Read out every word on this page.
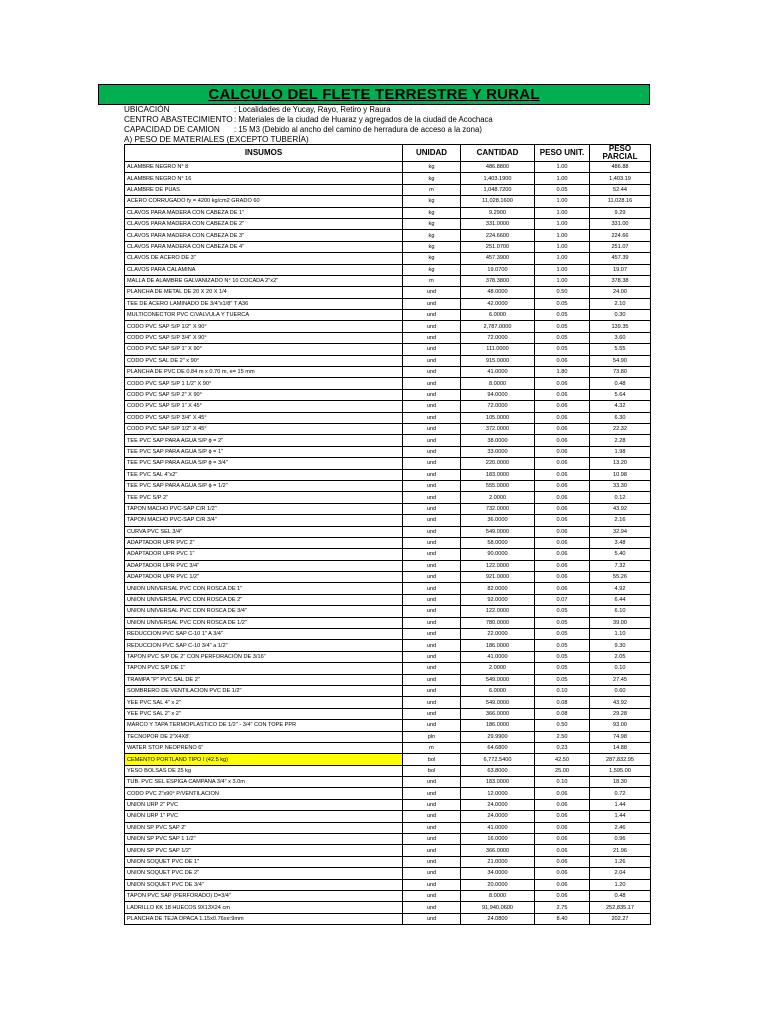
CALCULO DEL FLETE TERRESTRE Y RURAL
UBICACIÓN	: Localidades de Yucay, Rayo, Retiro y Raura
CENTRO ABASTECIMIENTO : Materiales de la ciudad de Huaraz y agregados de la ciudad de Acochaca
CAPACIDAD DE CAMION : 15 M3 (Debido al ancho del camino de herradura de acceso a la zona)
A) PESO DE MATERIALES (EXCEPTO TUBERÍA)
INSUMOS	UNIDAD	CANTIDAD	PESO UNIT.	PESO PARCIAL
ALAMBRE NEGRO N° 8	kg	486.8800	1.00	486.88
ALAMBRE NEGRO N° 16	kg	1,403.1900	1.00	1,403.19
ALAMBRE DE PUAS	m	1,048.7200	0.05	52.44
ACERO CORRUGADO fy = 4200 kg/cm2 GRADO 60	kg	11,028.1600	1.00	11,028.16
CLAVOS PARA MADERA CON CABEZA DE 1"	kg	9.2900	1.00	9.29
CLAVOS PARA MADERA CON CABEZA DE 2"	kg	331.0000	1.00	331.00
CLAVOS PARA MADERA CON CABEZA DE 3"	kg	224.6600	1.00	224.66
CLAVOS PARA MADERA CON CABEZA DE 4"	kg	251.0700	1.00	251.07
CLAVOS DE ACERO DE 3"	kg	457.3900	1.00	457.39
CLAVOS PARA CALAMINA	kg	19.0700	1.00	19.07
MALLA DE ALAMBRE GALVANIZADO N° 10 COCADA 2"x2"	m	378.3800	1.00	378.38
PLANCHA DE METAL DE 20 X 20 X 1/4	und	48.0000	0.50	24.00
TEE DE ACERO LAMINADO DE 3/4"x1/8" T A36	und	42.0000	0.05	2.10
MULTICONECTOR PVC C/VALVULA Y TUERCA	und	6.0000	0.05	0.30
CODO PVC SAP S/P 1/2" X 90°	und	2,787.0000	0.05	139.35
CODO PVC SAP S/P 3/4" X 90°	und	72.0000	0.05	3.60
CODO PVC SAP S/P 1" X 90°	und	111.0000	0.05	5.55
CODO PVC SAL DE 2" x 90°	und	915.0000	0.06	54.90
PLANCHA DE PVC DE 0.84 m x 0.70 m, e= 15 mm	und	41.0000	1.80	73.80
CODO PVC SAP S/P 1 1/2" X 90°	und	8.0000	0.06	0.48
CODO PVC SAP S/P 2" X 90°	und	94.0000	0.06	5.64
CODO PVC SAP S/P 1" X 45°	und	72.0000	0.06	4.32
CODO PVC SAP S/P 3/4" X 45°	und	105.0000	0.06	6.30
CODO PVC SAP S/P 1/2" X 45°	und	372.0000	0.06	22.32
TEE PVC SAP PARA AGUA S/P ϕ = 2"	und	38.0000	0.06	2.28
TEE PVC SAP PARA AGUA S/P ϕ = 1"	und	33.0000	0.06	1.98
TEE PVC SAP PARA AGUA S/P ϕ = 3/4"	und	220.0000	0.06	13.20
TEE PVC SAL 4"x2"	und	183.0000	0.06	10.98
TEE PVC SAP PARA AGUA S/P ϕ = 1/2"	und	555.0000	0.06	33.30
TEE PVC S/P 2"	und	2.0000	0.06	0.12
TAPON MACHO PVC-SAP C/R 1/2"	und	732.0000	0.06	43.92
TAPON MACHO PVC-SAP C/R 3/4"	und	36.0000	0.06	2.16
CURVA PVC SEL 3/4"	und	549.0000	0.06	32.94
ADAPTADOR UPR PVC 2"	und	58.0000	0.06	3.48
ADAPTADOR UPR PVC 1"	und	90.0000	0.06	5.40
ADAPTADOR UPR PVC 3/4"	und	122.0000	0.06	7.32
ADAPTADOR UPR PVC 1/2"	und	921.0000	0.06	55.26
UNION UNIVERSAL PVC CON ROSCA DE 1"	und	82.0000	0.06	4.92
UNION UNIVERSAL PVC CON ROSCA DE 2"	und	92.0000	0.07	6.44
UNION UNIVERSAL PVC CON ROSCA DE 3/4"	und	122.0000	0.05	6.10
UNION UNIVERSAL PVC CON ROSCA DE 1/2"	und	780.0000	0.05	39.00
REDUCCION PVC SAP C-10 1" A 3/4"	und	22.0000	0.05	1.10
REDUCCION PVC SAP C-10 3/4" a 1/2"	und	186.0000	0.05	9.30
TAPON PVC S/P DE 2" CON PERFORACIÓN DE 3/16"	und	41.0000	0.05	2.05
TAPON PVC S/P DE 1"	und	2.0000	0.05	0.10
TRAMPA "P" PVC SAL DE 2"	und	549.0000	0.05	27.45
SOMBRERO DE VENTILACION PVC DE 1/2"	und	6.0000	0.10	0.60
YEE PVC SAL 4" x 2"	und	549.0000	0.08	43.92
YEE PVC SAL 2" x 2"	und	366.0000	0.08	29.28
MARCO Y TAPA TERMOPLASTICO DE 1/2" - 3/4" CON TOPE PPR	und	186.0000	0.50	93.00
TECNOPOR DE 2"X4X8'	pln	29.9900	2.50	74.98
WATER STOP NEOPRENO 6"	m	64.6800	0.23	14.88
CEMENTO PORTLAND TIPO I (42.5 kg)	bol	6,772.5400	42.50	287,832.95
YESO BOLSAS DE 25 kg	bol	63.8000	25.00	1,595.00
TUB. PVC SEL ESPIGA CAMPANA 3/4" x 3.0m	und	183.0000	0.10	18.30
CODO PVC 2"x90° P/VENTILACION	und	12.0000	0.06	0.72
UNION URP 2" PVC	und	24.0000	0.06	1.44
UNION URP 1" PVC	und	24.0000	0.06	1.44
UNION SP PVC SAP 2"	und	41.0000	0.06	2.46
UNION SP PVC SAP 1 1/2"	und	16.0000	0.06	0.96
UNION SP PVC SAP 1/2"	und	366.0000	0.06	21.96
UNION SOQUET PVC DE 1"	und	21.0000	0.06	1.26
UNION SOQUET PVC DE 2"	und	34.0000	0.06	2.04
UNION SOQUET PVC DE 3/4"	und	20.0000	0.06	1.20
TAPON PVC SAP (PERFORADO) D=3/4"	und	8.0000	0.06	0.48
LADRILLO KK 18 HUECOS 9X13X24 cm	und	91,940.0600	2.75	252,835.17
PLANCHA DE TEJA OPACA 1.15x0.76xe:9mm	und	24.0800	8.40	202.27
